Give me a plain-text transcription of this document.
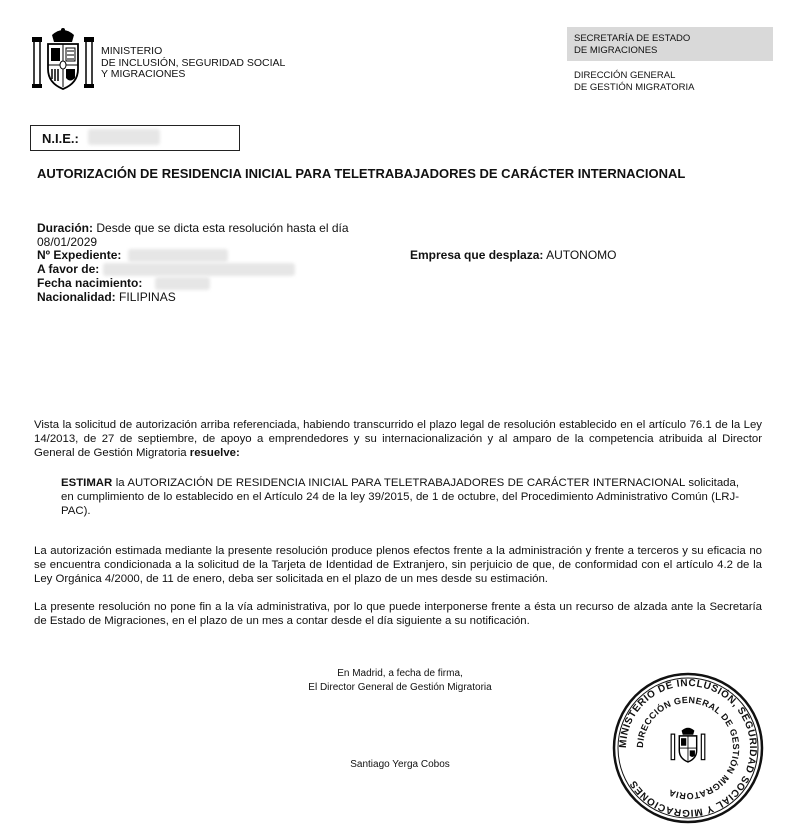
MINISTERIO
DE INCLUSIÓN, SEGURIDAD SOCIAL
Y MIGRACIONES
SECRETARÍA DE ESTADO
DE MIGRACIONES
DIRECCIÓN GENERAL
DE GESTIÓN MIGRATORIA
N.I.E.:
AUTORIZACIÓN DE RESIDENCIA INICIAL PARA TELETRABAJADORES DE CARÁCTER INTERNACIONAL
Duración: Desde que se dicta esta resolución hasta el día
08/01/2029
Nº Expediente:	Empresa que desplaza: AUTONOMO
A favor de:
Fecha nacimiento:
Nacionalidad: FILIPINAS
Vista la solicitud de autorización arriba referenciada, habiendo transcurrido el plazo legal de resolución establecido en el artículo 76.1 de la Ley 14/2013, de 27 de septiembre, de apoyo a emprendedores y su internacionalización y al amparo de la competencia atribuida al Director General de Gestión Migratoria resuelve:
ESTIMAR la AUTORIZACIÓN DE RESIDENCIA INICIAL PARA TELETRABAJADORES DE CARÁCTER INTERNACIONAL solicitada, en cumplimiento de lo establecido en el Artículo 24 de la ley 39/2015, de 1 de octubre, del Procedimiento Administrativo Común (LRJ-PAC).
La autorización estimada mediante la presente resolución produce plenos efectos frente a la administración y frente a terceros y su eficacia no se encuentra condicionada a la solicitud de la Tarjeta de Identidad de Extranjero, sin perjuicio de que, de conformidad con el artículo 4.2 de la Ley Orgánica 4/2000, de 11 de enero, deba ser solicitada en el plazo de un mes desde su estimación.
La presente resolución no pone fin a la vía administrativa, por lo que puede interponerse frente a ésta un recurso de alzada ante la Secretaría de Estado de Migraciones, en el plazo de un mes a contar desde el día siguiente a su notificación.
En Madrid, a fecha de firma,
El Director General de Gestión Migratoria
Santiago Yerga Cobos
MINISTERIO DE INCLUSIÓN, SEGURIDAD SOCIAL Y MIGRACIONES
DIRECCIÓN GENERAL DE GESTIÓN MIGRATORIA
